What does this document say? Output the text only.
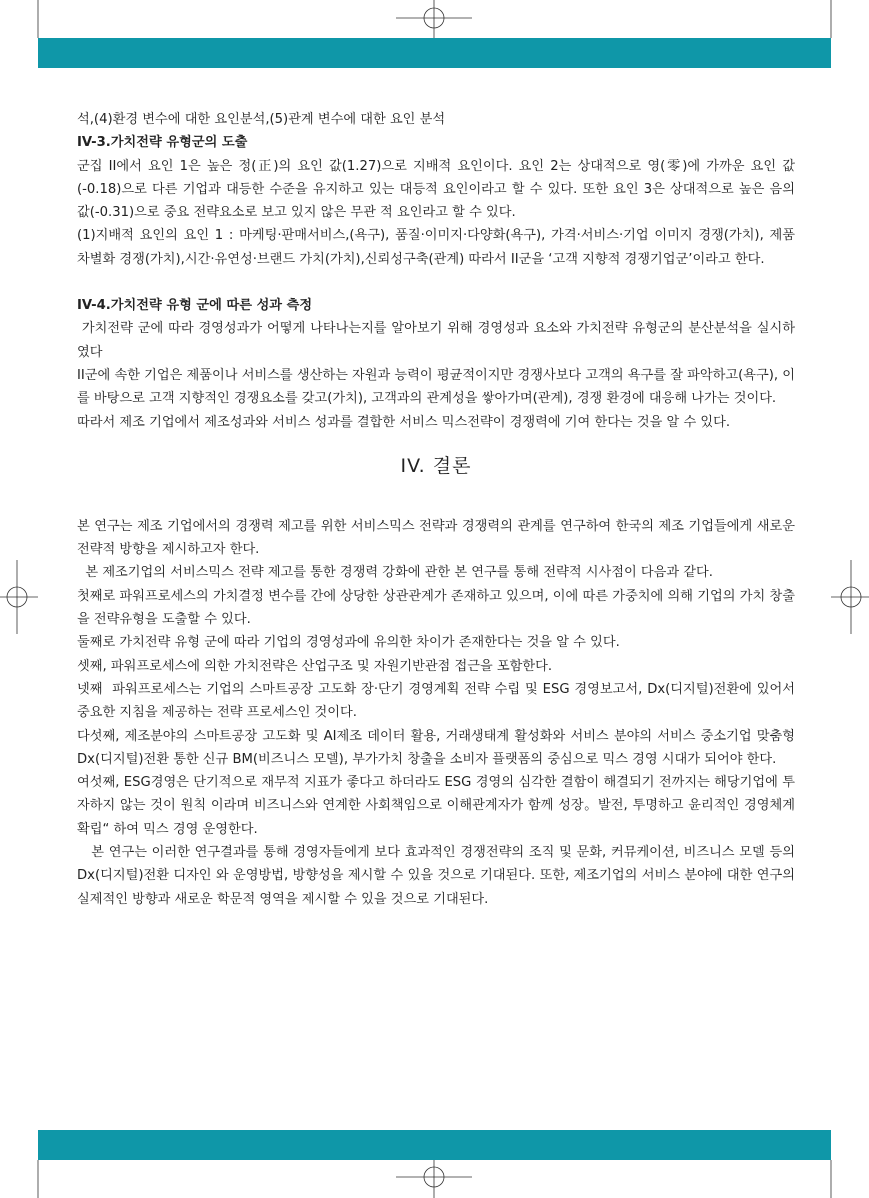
석,(4)환경 변수에 대한 요인분석,(5)관계 변수에 대한 요인 분석

IV-3.가치전략 유형군의 도출

군집 II에서 요인 1은 높은 정(正)의 요인 값(1.27)으로 지배적 요인이다. 요인 2는 상대적으로 영(零)에 가까운 요인 값(-0.18)으로 다른 기업과 대등한 수준을 유지하고 있는 대등적 요인이라고 할 수 있다. 또한 요인 3은 상대적으로 높은 음의 값(-0.31)으로 중요 전략요소로 보고 있지 않은 무관 적 요인라고 할 수 있다.

(1)지배적 요인의 요인 1 : 마케팅·판매서비스,(욕구), 품질·이미지·다양화(욕구), 가격·서비스·기업 이미지 경쟁(가치), 제품 차별화 경쟁(가치),시간·유연성·브랜드 가치(가치),신뢰성구축(관계) 따라서 II군을 ‘고객 지향적 경쟁기업군’이라고 한다.

IV-4.가치전략 유형 군에 따른 성과 측정

가치전략 군에 따라 경영성과가 어떻게 나타나는지를 알아보기 위해 경영성과 요소와 가치전략 유형군의 분산분석을 실시하였다

II군에 속한 기업은 제품이나 서비스를 생산하는 자원과 능력이 평균적이지만 경쟁사보다 고객의 욕구를 잘 파악하고(욕구), 이를 바탕으로 고객 지향적인 경쟁요소를 갖고(가치), 고객과의 관계성을 쌓아가며(관계), 경쟁 환경에 대응해 나가는 것이다.

따라서 제조 기업에서 제조성과와 서비스 성과를 결합한 서비스 믹스전략이 경쟁력에 기여 한다는 것을 알 수 있다.

IV. 결론

본 연구는 제조 기업에서의 경쟁력 제고를 위한 서비스믹스 전략과 경쟁력의 관계를 연구하여 한국의 제조 기업들에게 새로운 전략적 방향을 제시하고자 한다.

본 제조기업의 서비스믹스 전략 제고를 통한 경쟁력 강화에 관한 본 연구를 통해 전략적 시사점이 다음과 같다.

첫째로 파워프로세스의 가치결정 변수를 간에 상당한 상관관계가 존재하고 있으며, 이에 따른 가중치에 의해 기업의 가치 창출을 전략유형을 도출할 수 있다.

둘째로 가치전략 유형 군에 따라 기업의 경영성과에 유의한 차이가 존재한다는 것을 알 수 있다.

셋째, 파워프로세스에 의한 가치전략은 산업구조 및 자원기반관점 접근을 포함한다.

넷째  파워프로세스는 기업의 스마트공장 고도화 장·단기 경영계획 전략 수립 및 ESG 경영보고서, Dx(디지털)전환에 있어서 중요한 지침을 제공하는 전략 프로세스인 것이다.

다섯째, 제조분야의 스마트공장 고도화 및 AI제조 데이터 활용, 거래생태계 활성화와 서비스 분야의 서비스 중소기업 맞춤형 Dx(디지털)전환 통한 신규 BM(비즈니스 모델), 부가가치 창출을 소비자 플랫폼의 중심으로 믹스 경영 시대가 되어야 한다.

여섯째, ESG경영은 단기적으로 재무적 지표가 좋다고 하더라도 ESG 경영의 심각한 결함이 해결되기 전까지는 해당기업에 투자하지 않는 것이 원칙 이라며 비즈니스와 연계한 사회책임으로 이해관계자가 함께 성장。발전, 투명하고 윤리적인 경영체계 확립“ 하여 믹스 경영 운영한다.

본 연구는 이러한 연구결과를 통해 경영자들에게 보다 효과적인 경쟁전략의 조직 및 문화, 커뮤케이션, 비즈니스 모델 등의 Dx(디지털)전환 디자인 와 운영방법, 방향성을 제시할 수 있을 것으로 기대된다. 또한, 제조기업의 서비스 분야에 대한 연구의 실제적인 방향과 새로운 학문적 영역을 제시할 수 있을 것으로 기대된다.
